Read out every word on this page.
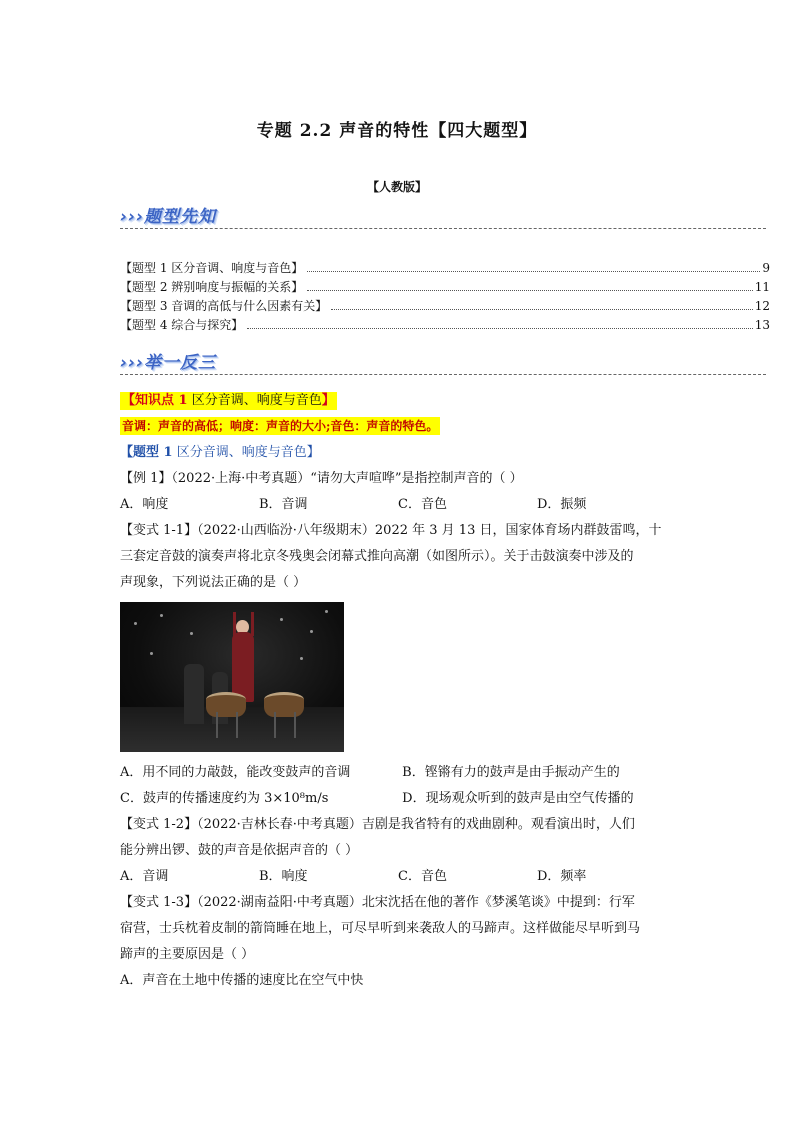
专题 2.2 声音的特性【四大题型】
【人教版】
›››题型先知
【题型 1 区分音调、响度与音色】	9
【题型 2 辨别响度与振幅的关系】	11
【题型 3 音调的高低与什么因素有关】	12
【题型 4 综合与探究】	13
›››举一反三
【知识点 1 区分音调、响度与音色】
音调：声音的高低；响度：声音的大小;音色：声音的特色。
【题型 1 区分音调、响度与音色】
【例 1】（2022·上海·中考真题）“请勿大声喧哗”是指控制声音的（ ）
A．响度	B．音调	C．音色	D．振频
【变式 1-1】（2022·山西临汾·八年级期末）2022 年 3 月 13 日，国家体育场内群鼓雷鸣，十
三套定音鼓的演奏声将北京冬残奥会闭幕式推向高潮（如图所示）。关于击鼓演奏中涉及的
声现象，下列说法正确的是（ ）
A．用不同的力敲鼓，能改变鼓声的音调	B．铿锵有力的鼓声是由手振动产生的
C．鼓声的传播速度约为 3×10⁸m/s	D．现场观众听到的鼓声是由空气传播的
【变式 1-2】（2022·吉林长春·中考真题）吉剧是我省特有的戏曲剧种。观看演出时，人们
能分辨出锣、鼓的声音是依据声音的（ ）
A．音调	B．响度	C．音色	D．频率
【变式 1-3】（2022·湖南益阳·中考真题）北宋沈括在他的著作《梦溪笔谈》中提到：行军
宿营，士兵枕着皮制的箭筒睡在地上，可尽早听到来袭敌人的马蹄声。这样做能尽早听到马
蹄声的主要原因是（ ）
A．声音在土地中传播的速度比在空气中快
